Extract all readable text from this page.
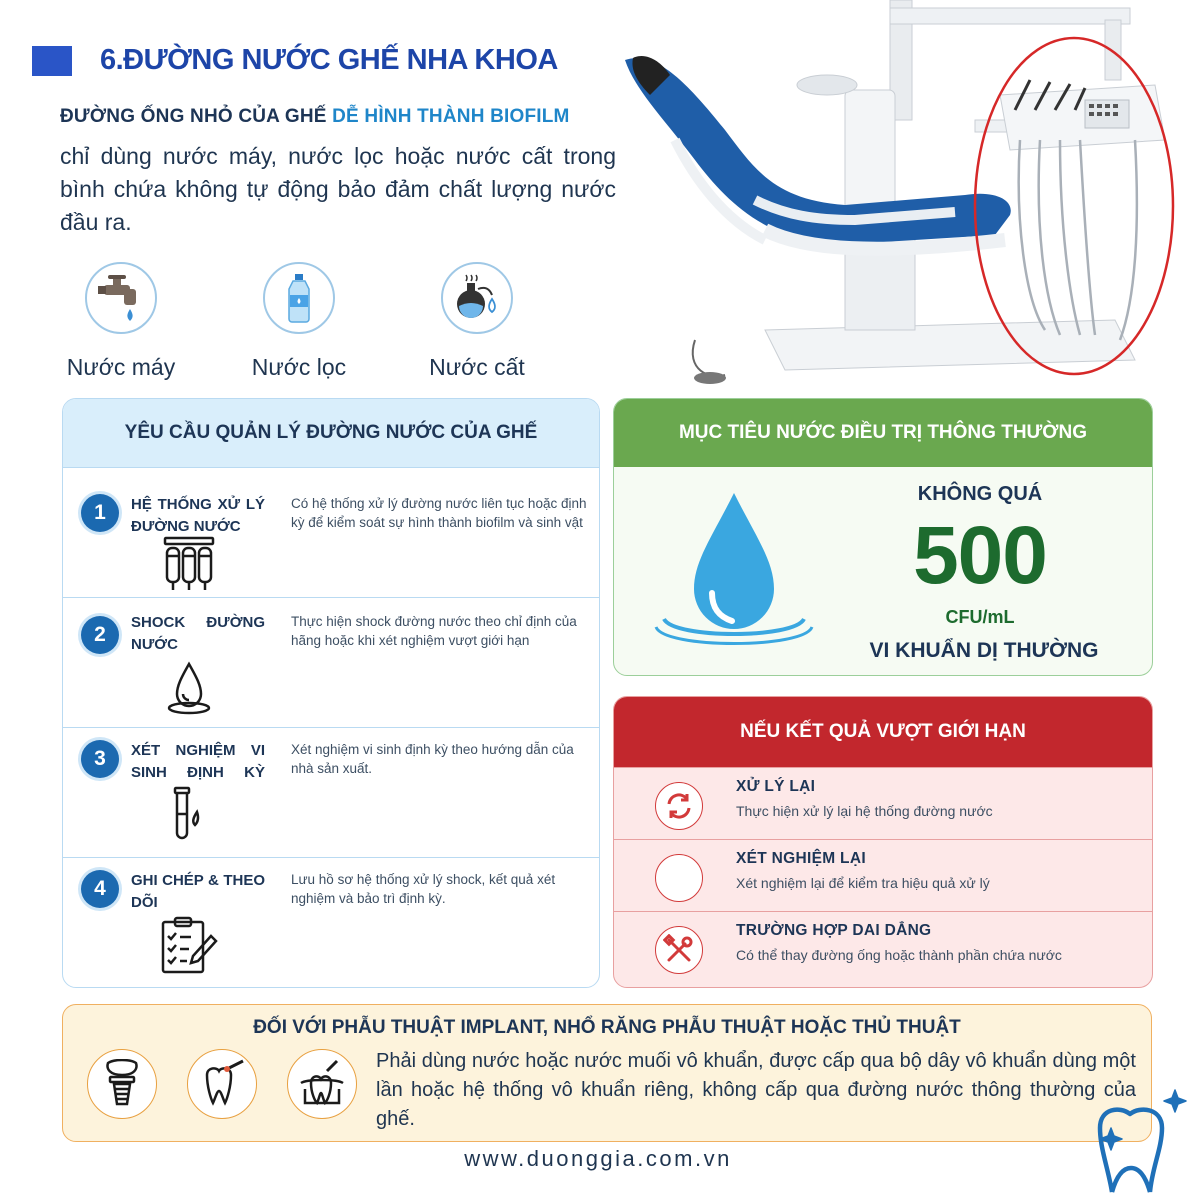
6.ĐƯỜNG NƯỚC GHẾ NHA KHOA
ĐƯỜNG ỐNG NHỎ CỦA GHẾ DỄ HÌNH THÀNH BIOFILM
chỉ dùng nước máy, nước lọc hoặc nước cất trong bình chứa không tự động bảo đảm chất lượng nước đầu ra.
Nước máy	Nước lọc	Nước cất
YÊU CẦU QUẢN LÝ ĐƯỜNG NƯỚC CỦA GHẾ
1	HỆ THỐNG XỬ LÝ ĐƯỜNG NƯỚC
Có hệ thống xử lý đường nước liên tục hoặc định kỳ để kiểm soát sự hình thành biofilm và sinh vật
2
SHOCK ĐƯỜNG NƯỚC
Thực hiện shock đường nước theo chỉ định của hãng hoặc khi xét nghiệm vượt giới hạn
3	XÉT NGHIỆM VI SINH ĐỊNH KỲ
Xét nghiệm vi sinh định kỳ theo hướng dẫn của nhà sản xuất.
4	GHI CHÉP & THEO DÕI
Lưu hồ sơ hệ thống xử lý shock, kết quả xét nghiệm và bảo trì định kỳ.
MỤC TIÊU NƯỚC ĐIỀU TRỊ THÔNG THƯỜNG
KHÔNG QUÁ
500
CFU/mL
VI KHUẨN DỊ THƯỜNG
NẾU KẾT QUẢ VƯỢT GIỚI HẠN
XỬ LÝ LẠI
Thực hiện xử lý lại hệ thống đường nước
XÉT NGHIỆM LẠI
Xét nghiệm lại để kiểm tra hiệu quả xử lý
TRƯỜNG HỢP DAI DẲNG
Có thể thay đường ống hoặc thành phần chứa nước
ĐỐI VỚI PHẪU THUẬT IMPLANT, NHỔ RĂNG PHẪU THUẬT HOẶC THỦ THUẬT
Phải dùng nước hoặc nước muối vô khuẩn, được cấp qua bộ dây vô khuẩn dùng một lần hoặc hệ thống vô khuẩn riêng, không cấp qua đường nước thông thường của ghế.
www.duonggia.com.vn
